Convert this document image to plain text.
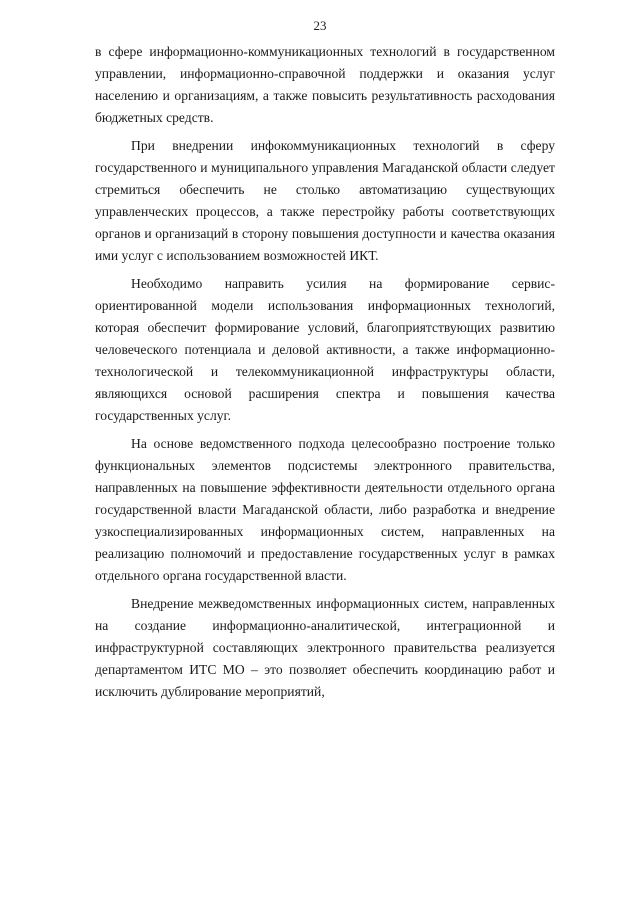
23

в сфере информационно-коммуникационных технологий в государственном управлении, информационно-справочной поддержки и оказания услуг населению и организациям, а также повысить результативность расходования бюджетных средств.

При внедрении инфокоммуникационных технологий в сферу государственного и муниципального управления Магаданской области следует стремиться обеспечить не столько автоматизацию существующих управленческих процессов, а также перестройку работы соответствующих органов и организаций в сторону повышения доступности и качества оказания ими услуг с использованием возможностей ИКТ.

Необходимо направить усилия на формирование сервис-ориентированной модели использования информационных технологий, которая обеспечит формирование условий, благоприятствующих развитию человеческого потенциала и деловой активности, а также информационно-технологической и телекоммуникационной инфраструктуры области, являющихся основой расширения спектра и повышения качества государственных услуг.

На основе ведомственного подхода целесообразно построение только функциональных элементов подсистемы электронного правительства, направленных на повышение эффективности деятельности отдельного органа государственной власти Магаданской области, либо разработка и внедрение узкоспециализированных информационных систем, направленных на реализацию полномочий и предоставление государственных услуг в рамках отдельного органа государственной власти.

Внедрение межведомственных информационных систем, направленных на создание информационно-аналитической, интеграционной и инфраструктурной составляющих электронного правительства реализуется департаментом ИТС МО – это позволяет обеспечить координацию работ и исключить дублирование мероприятий,
